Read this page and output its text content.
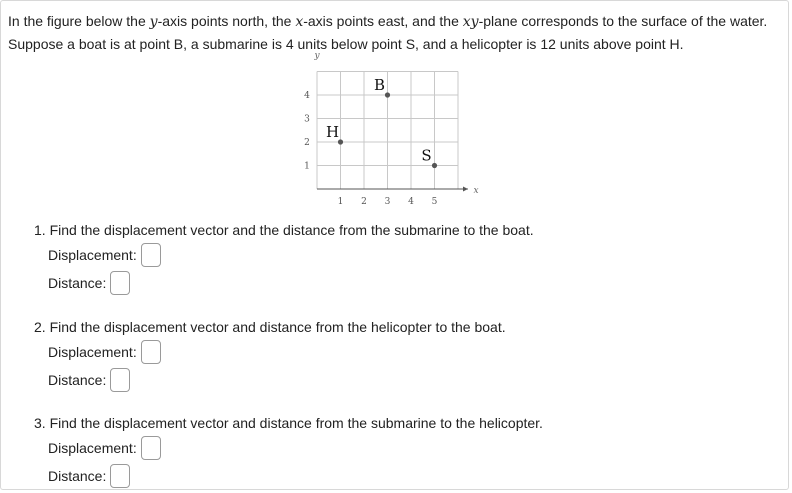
In the figure below the y-axis points north, the x-axis points east, and the xy-plane corresponds to the surface of the water. Suppose a boat is at point B, a submarine is 4 units below point S, and a helicopter is 12 units above point H.
y
x
1 2 3 4 5
1
2
3
4
B
H
S
1. Find the displacement vector and the distance from the submarine to the boat.
Displacement:
Distance:
2. Find the displacement vector and distance from the helicopter to the boat.
Displacement:
Distance:
3. Find the displacement vector and distance from the submarine to the helicopter.
Displacement:
Distance:
